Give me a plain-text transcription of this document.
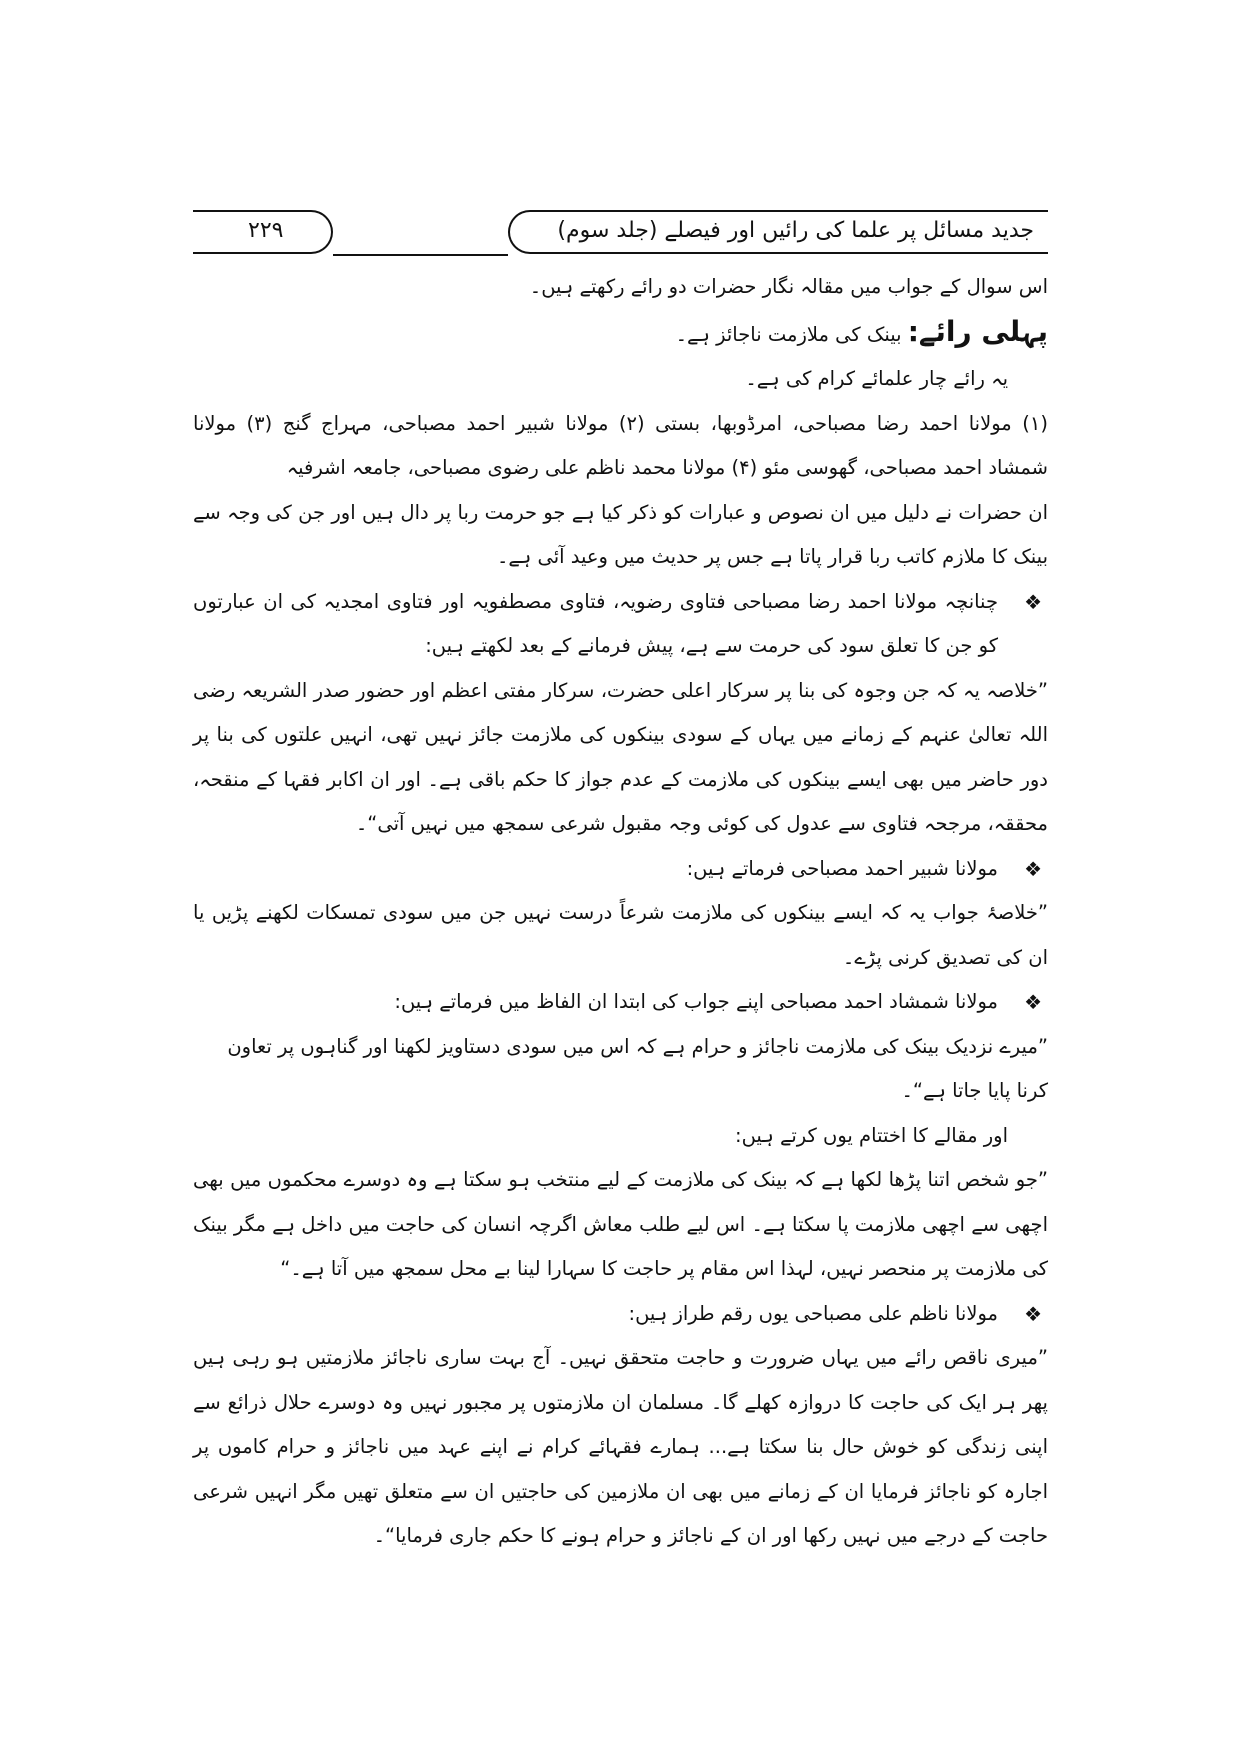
جدید مسائل پر علما کی رائیں اور فیصلے (جلد سوم)
۲۲۹

اس سوال کے جواب میں مقالہ نگار حضرات دو رائے رکھتے ہیں۔

پہلی رائے: بینک کی ملازمت ناجائز ہے۔

یہ رائے چار علمائے کرام کی ہے۔

(۱) مولانا احمد رضا مصباحی، امرڈوبھا، بستی (۲) مولانا شبیر احمد مصباحی، مہراج گنج (۳) مولانا شمشاد احمد مصباحی، گھوسی مئو (۴) مولانا محمد ناظم علی رضوی مصباحی، جامعہ اشرفیہ

ان حضرات نے دلیل میں ان نصوص و عبارات کو ذکر کیا ہے جو حرمت ربا پر دال ہیں اور جن کی وجہ سے بینک کا ملازم کاتب ربا قرار پاتا ہے جس پر حدیث میں وعید آئی ہے۔

❖
چنانچہ مولانا احمد رضا مصباحی فتاوی رضویہ، فتاوی مصطفویہ اور فتاوی امجدیہ کی ان عبارتوں کو جن کا تعلق سود کی حرمت سے ہے، پیش فرمانے کے بعد لکھتے ہیں:

”خلاصہ یہ کہ جن وجوہ کی بنا پر سرکار اعلی حضرت، سرکار مفتی اعظم اور حضور صدر الشریعہ رضی اللہ تعالیٰ عنہم کے زمانے میں یہاں کے سودی بینکوں کی ملازمت جائز نہیں تھی، انہیں علتوں کی بنا پر دور حاضر میں بھی ایسے بینکوں کی ملازمت کے عدم جواز کا حکم باقی ہے۔ اور ان اکابر فقہا کے منقحہ، محققہ، مرجحہ فتاوی سے عدول کی کوئی وجہ مقبول شرعی سمجھ میں نہیں آتی“۔

❖
مولانا شبیر احمد مصباحی فرماتے ہیں:

”خلاصۂ جواب یہ کہ ایسے بینکوں کی ملازمت شرعاً درست نہیں جن میں سودی تمسکات لکھنے پڑیں یا ان کی تصدیق کرنی پڑے۔

❖
مولانا شمشاد احمد مصباحی اپنے جواب کی ابتدا ان الفاظ میں فرماتے ہیں:

”میرے نزدیک بینک کی ملازمت ناجائز و حرام ہے کہ اس میں سودی دستاویز لکھنا اور گناہوں پر تعاون کرنا پایا جاتا ہے“۔

اور مقالے کا اختتام یوں کرتے ہیں:

”جو شخص اتنا پڑھا لکھا ہے کہ بینک کی ملازمت کے لیے منتخب ہو سکتا ہے وہ دوسرے محکموں میں بھی اچھی سے اچھی ملازمت پا سکتا ہے۔ اس لیے طلب معاش اگرچہ انسان کی حاجت میں داخل ہے مگر بینک کی ملازمت پر منحصر نہیں، لہذا اس مقام پر حاجت کا سہارا لینا بے محل سمجھ میں آتا ہے۔“

❖
مولانا ناظم علی مصباحی یوں رقم طراز ہیں:

”میری ناقص رائے میں یہاں ضرورت و حاجت متحقق نہیں۔ آج بہت ساری ناجائز ملازمتیں ہو رہی ہیں پھر ہر ایک کی حاجت کا دروازہ کھلے گا۔ مسلمان ان ملازمتوں پر مجبور نہیں وہ دوسرے حلال ذرائع سے اپنی زندگی کو خوش حال بنا سکتا ہے... ہمارے فقہائے کرام نے اپنے عہد میں ناجائز و حرام کاموں پر اجارہ کو ناجائز فرمایا ان کے زمانے میں بھی ان ملازمین کی حاجتیں ان سے متعلق تھیں مگر انہیں شرعی حاجت کے درجے میں نہیں رکھا اور ان کے ناجائز و حرام ہونے کا حکم جاری فرمایا“۔
